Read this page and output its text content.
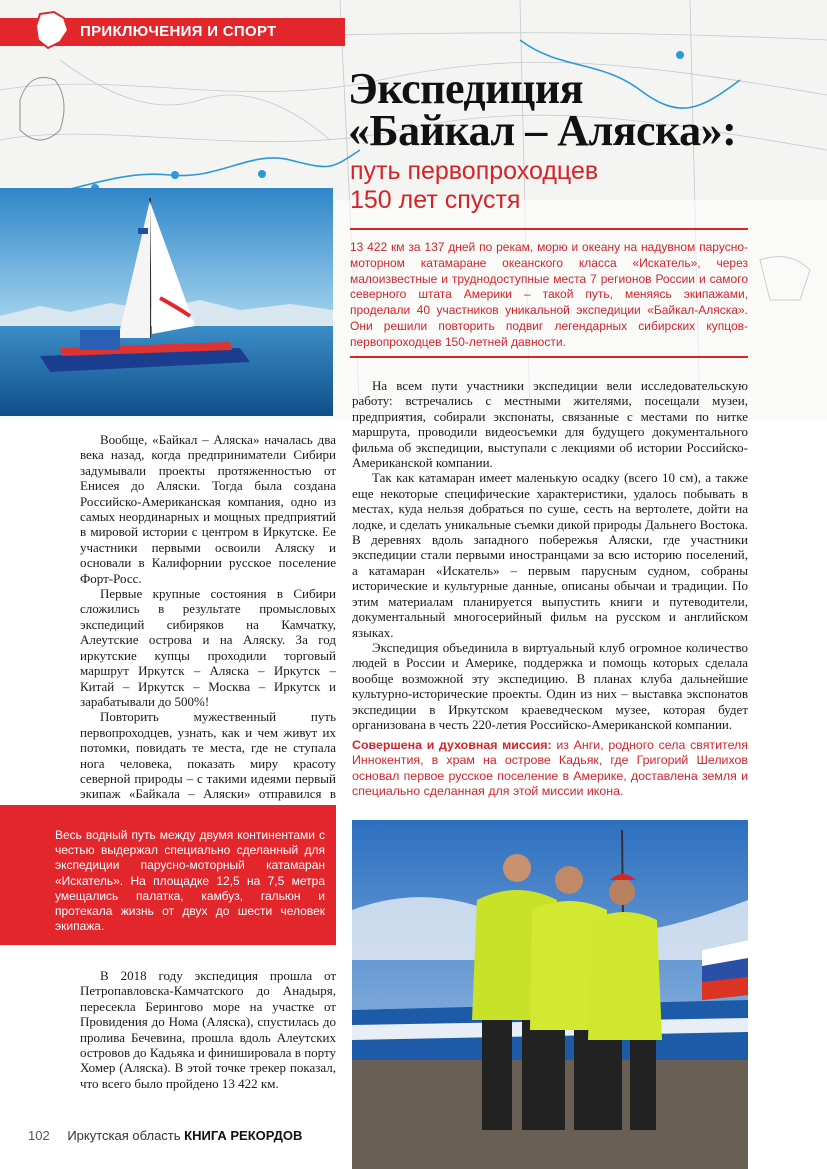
ПРИКЛЮЧЕНИЯ И СПОРТ
Экспедиция
«Байкал – Аляска»:
путь первопроходцев
150 лет спустя
13 422 км за 137 дней по рекам, морю и океану на надувном парусно-моторном катамаране океанского класса «Искатель», через малоизвестные и труднодоступные места 7 регионов России и самого северного штата Америки – такой путь, меняясь экипажами, проделали 40 участников уникальной экспедиции «Байкал-Аляска». Они решили повторить подвиг легендарных сибирских купцов-первопроходцев 150-летней давности.

Вообще, «Байкал – Аляска» началась два века назад, когда предприниматели Сибири задумывали проекты протяженностью от Енисея до Аляски. Тогда была создана Российско-Американская компания, одно из самых неординарных и мощных предприятий в мировой истории с центром в Иркутске. Ее участники первыми освоили Аляску и основали в Калифорнии русское поселение Форт-Росс.

Первые крупные состояния в Сибири сложились в результате промысловых экспедиций сибиряков на Камчатку, Алеутские острова и на Аляску. За год иркутские купцы проходили торговый маршрут Иркутск – Аляска – Иркутск – Китай – Иркутск – Москва – Иркутск и зарабатывали до 500%!

Повторить мужественный путь первопроходцев, узнать, как и чем живут их потомки, повидать те места, где не ступала нога человека, показать миру красоту северной природы – с такими идеями первый экипаж «Байкала – Аляски» отправился в

Весь водный путь между двумя континентами с честью выдержал специально сделанный для экспедиции парусно-моторный катамаран «Искатель». На площадке 12,5 на 7,5 метра умещались палатка, камбуз, гальюн и протекала жизнь от двух до шести человек экипажа.

В 2018 году экспедиция прошла от Петропавловска-Камчатского до Анадыря, пересекла Берингово море на участке от Провидения до Нома (Аляска), спустилась до пролива Бечевина, прошла вдоль Алеутских островов до Кадьяка и финишировала в порту Хомер (Аляска). В этой точке трекер показал, что всего было пройдено 13 422 км.

На всем пути участники экспедиции вели исследовательскую работу: встречались с местными жителями, посещали музеи, предприятия, собирали экспонаты, связанные с местами по нитке маршрута, проводили видеосъемки для будущего документального фильма об экспедиции, выступали с лекциями об истории Российско-Американской компании.

Так как катамаран имеет маленькую осадку (всего 10 см), а также еще некоторые специфические характеристики, удалось побывать в местах, куда нельзя добраться по суше, сесть на вертолете, дойти на лодке, и сделать уникальные съемки дикой природы Дальнего Востока. В деревнях вдоль западного побережья Аляски, где участники экспедиции стали первыми иностранцами за всю историю поселений, а катамаран «Искатель» – первым парусным судном, собраны исторические и культурные данные, описаны обычаи и традиции. По этим материалам планируется выпустить книги и путеводители, документальный многосерийный фильм на русском и английском языках.

Экспедиция объединила в виртуальный клуб огромное количество людей в России и Америке, поддержка и помощь которых сделала вообще возможной эту экспедицию. В планах клуба дальнейшие культурно-исторические проекты. Один из них – выставка экспонатов экспедиции в Иркутском краеведческом музее, которая будет организована в честь 220-летия Российско-Американской компании.

Совершена и духовная миссия: из Анги, родного села святителя Иннокентия, в храм на острове Кадьяк, где Григорий Шелихов основал первое русское поселение в Америке, доставлена земля и специально сделанная для этой миссии икона.
102 Иркутская область КНИГА РЕКОРДОВ
